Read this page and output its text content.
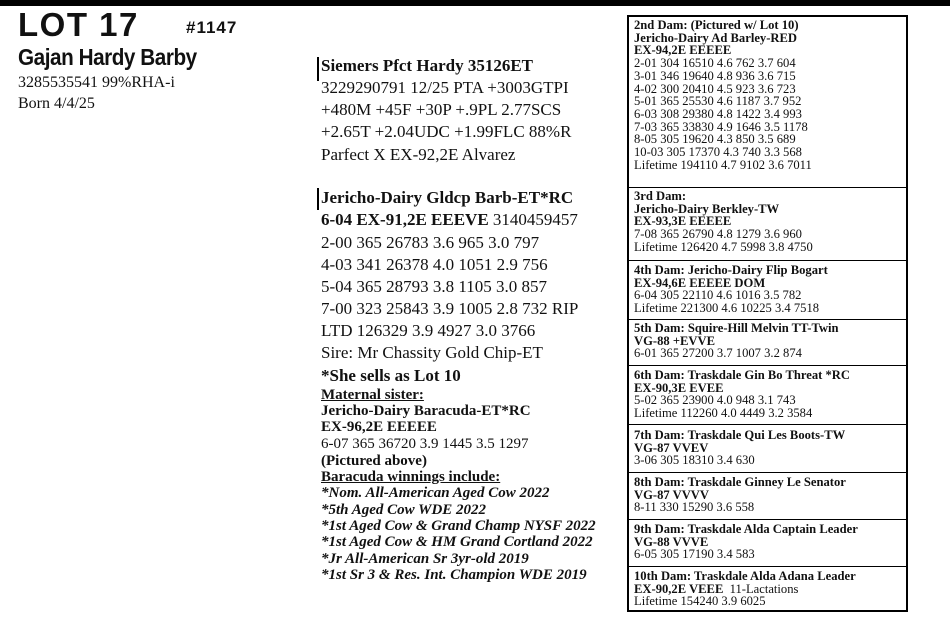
LOT 17	#1147
Gajan Hardy Barby
3285535541 99%RHA-i
Born 4/4/25
Siemers Pfct Hardy 35126ET
3229290791 12/25 PTA +3003GTPI
+480M +45F +30P +.9PL 2.77SCS
+2.65T +2.04UDC +1.99FLC 88%R
Parfect X EX-92,2E Alvarez
Jericho-Dairy Gldcp Barb-ET*RC
6-04 EX-91,2E EEEVE 3140459457
2-00 365 26783 3.6 965 3.0 797
4-03 341 26378 4.0 1051 2.9 756
5-04 365 28793 3.8 1105 3.0 857
7-00 323 25843 3.9 1005 2.8 732 RIP
LTD 126329 3.9 4927 3.0 3766
Sire: Mr Chassity Gold Chip-ET
*She sells as Lot 10
Maternal sister:
Jericho-Dairy Baracuda-ET*RC
EX-96,2E EEEEE
6-07 365 36720 3.9 1445 3.5 1297
(Pictured above)
Baracuda winnings include:
*Nom. All-American Aged Cow 2022
*5th Aged Cow WDE 2022
*1st Aged Cow & Grand Champ NYSF 2022
*1st Aged Cow & HM Grand Cortland 2022
*Jr All-American Sr 3yr-old 2019
*1st Sr 3 & Res. Int. Champion WDE 2019
2nd Dam: (Pictured w/ Lot 10)
Jericho-Dairy Ad Barley-RED
EX-94,2E EEEEE
2-01 304 16510 4.6 762 3.7 604
3-01 346 19640 4.8 936 3.6 715
4-02 300 20410 4.5 923 3.6 723
5-01 365 25530 4.6 1187 3.7 952
6-03 308 29380 4.8 1422 3.4 993
7-03 365 33830 4.9 1646 3.5 1178
8-05 305 19620 4.3 850 3.5 689
10-03 305 17370 4.3 740 3.3 568
Lifetime 194110 4.7 9102 3.6 7011
3rd Dam:
Jericho-Dairy Berkley-TW
EX-93,3E EEEEE
7-08 365 26790 4.8 1279 3.6 960
Lifetime 126420 4.7 5998 3.8 4750
4th Dam: Jericho-Dairy Flip Bogart
EX-94,6E EEEEE DOM
6-04 305 22110 4.6 1016 3.5 782
Lifetime 221300 4.6 10225 3.4 7518
5th Dam: Squire-Hill Melvin TT-Twin
VG-88 +EVVE
6-01 365 27200 3.7 1007 3.2 874
6th Dam: Traskdale Gin Bo Threat *RC
EX-90,3E EVEE
5-02 365 23900 4.0 948 3.1 743
Lifetime 112260 4.0 4449 3.2 3584
7th Dam: Traskdale Qui Les Boots-TW
VG-87 VVEV
3-06 305 18310 3.4 630
8th Dam: Traskdale Ginney Le Senator
VG-87 VVVV
8-11 330 15290 3.6 558
9th Dam: Traskdale Alda Captain Leader
VG-88 VVVE
6-05 305 17190 3.4 583
10th Dam: Traskdale Alda Adana Leader
EX-90,2E VEEE 11-Lactations
Lifetime 154240 3.9 6025
